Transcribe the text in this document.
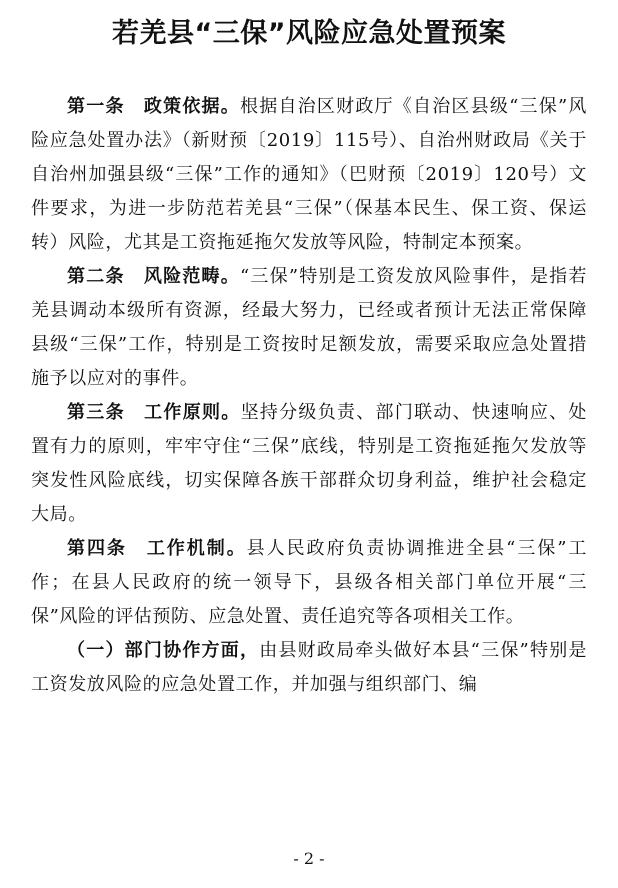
若羌县“三保”风险应急处置预案

第一条　政策依据。根据自治区财政厅《自治区县级“三保”风险应急处置办法》（新财预〔2019〕115号）、自治州财政局《关于自治州加强县级“三保”工作的通知》（巴财预〔2019〕120号）文件要求，为进一步防范若羌县“三保”（保基本民生、保工资、保运转）风险，尤其是工资拖延拖欠发放等风险，特制定本预案。

第二条　风险范畴。“三保”特别是工资发放风险事件，是指若羌县调动本级所有资源，经最大努力，已经或者预计无法正常保障县级“三保”工作，特别是工资按时足额发放，需要采取应急处置措施予以应对的事件。

第三条　工作原则。坚持分级负责、部门联动、快速响应、处置有力的原则，牢牢守住“三保”底线，特别是工资拖延拖欠发放等突发性风险底线，切实保障各族干部群众切身利益，维护社会稳定大局。

第四条　工作机制。县人民政府负责协调推进全县“三保”工作；在县人民政府的统一领导下，县级各相关部门单位开展“三保”风险的评估预防、应急处置、责任追究等各项相关工作。

（一）部门协作方面，由县财政局牵头做好本县“三保”特别是工资发放风险的应急处置工作，并加强与组织部门、编

- 2 -
